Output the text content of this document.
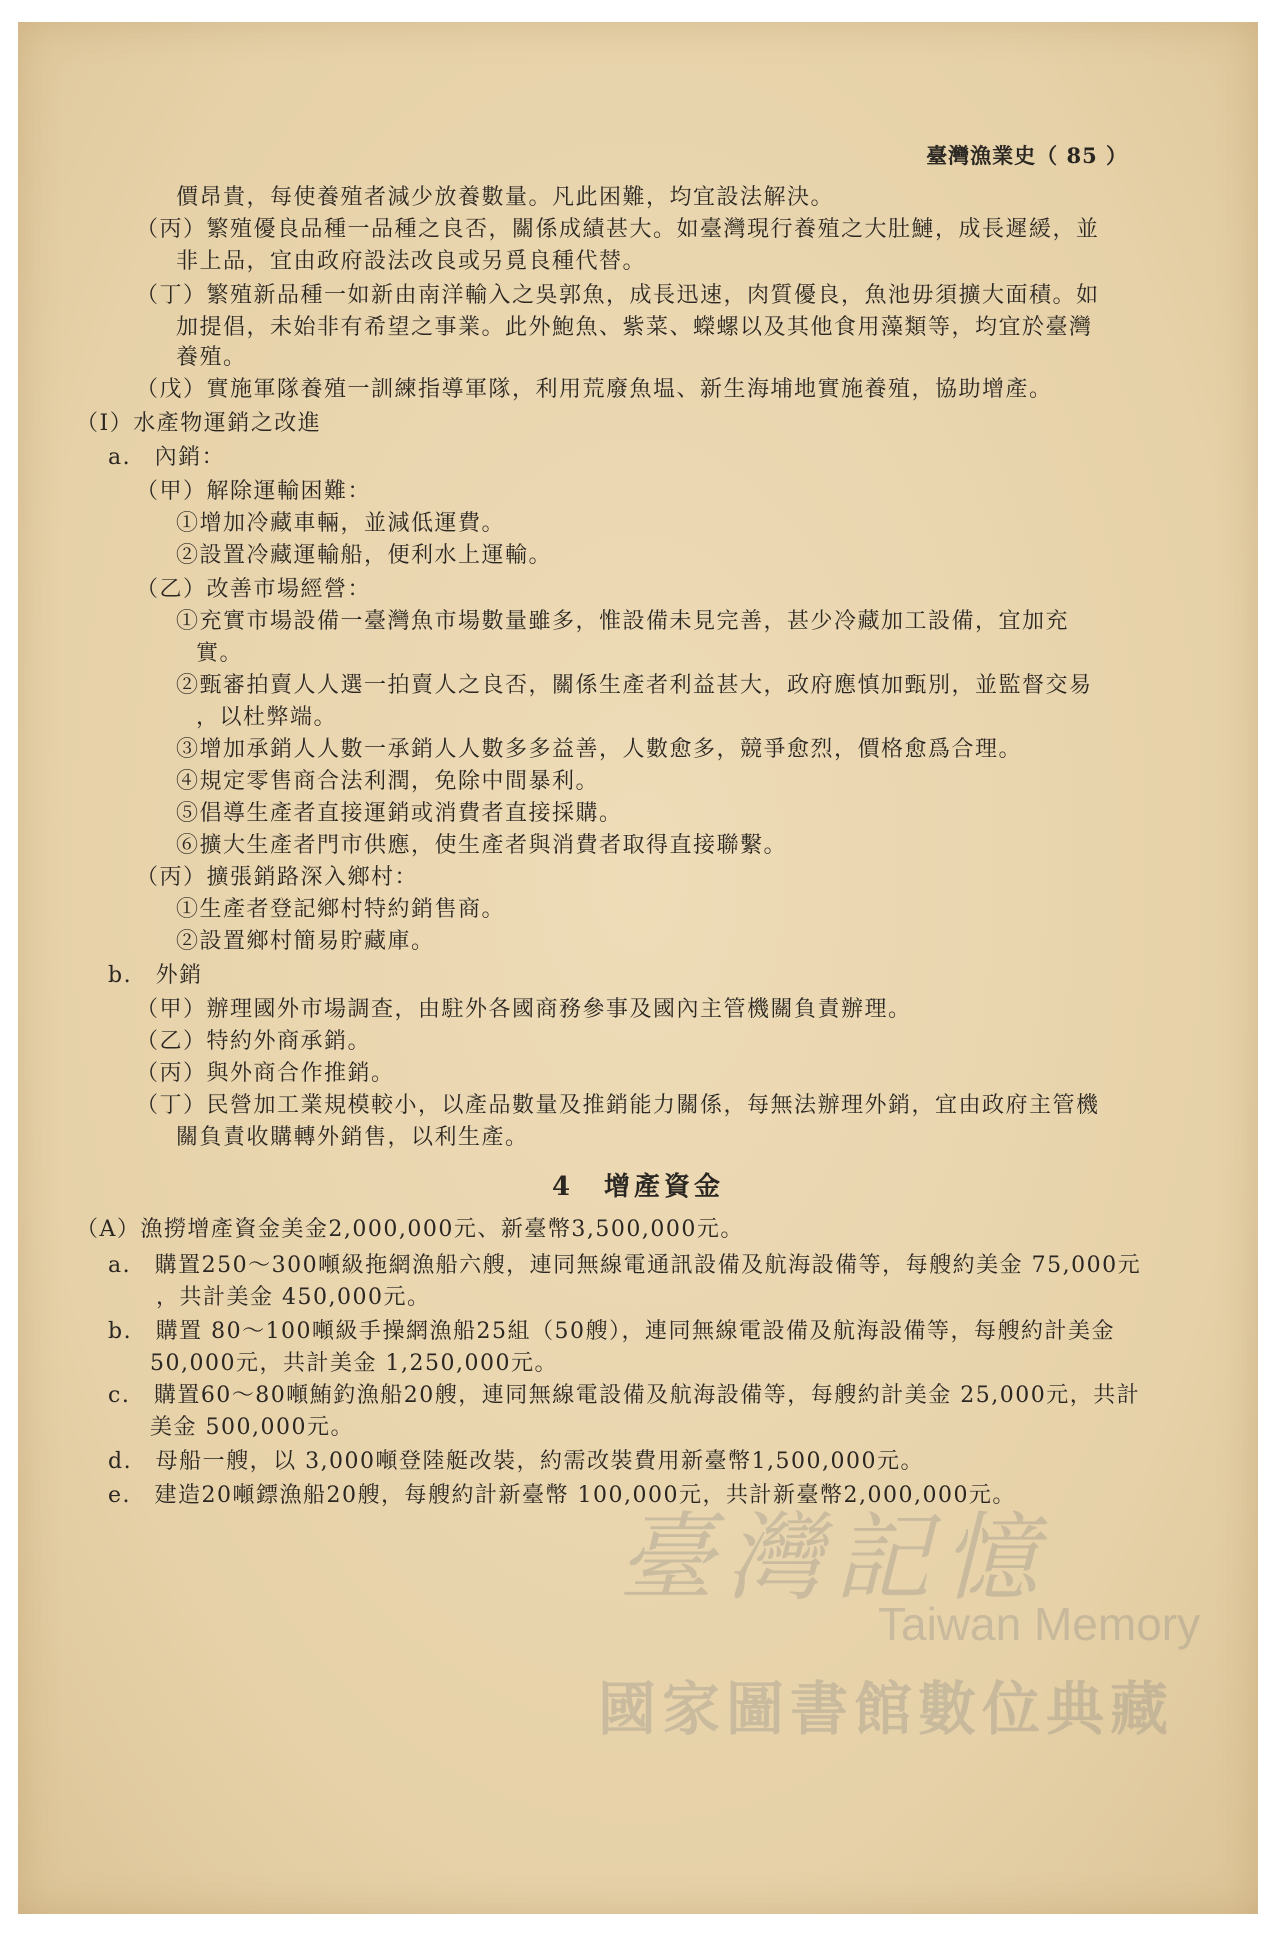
臺灣漁業史（ 85 ）
價昂貴，每使養殖者減少放養數量。凡此困難，均宜設法解決。
（丙）繁殖優良品種一品種之良否，關係成績甚大。如臺灣現行養殖之大肚鰱，成長遲緩，並
非上品，宜由政府設法改良或另覓良種代替。
（丁）繁殖新品種一如新由南洋輸入之吳郭魚，成長迅速，肉質優良，魚池毋須擴大面積。如
加提倡，未始非有希望之事業。此外鮑魚、紫菜、蠑螺以及其他食用藻類等，均宜於臺灣
養殖。
（戊）實施軍隊養殖一訓練指導軍隊，利用荒廢魚塭、新生海埔地實施養殖，協助增產。
（I）水產物運銷之改進
a.　內銷：
（甲）解除運輸困難：
①增加冷藏車輛，並減低運費。
②設置冷藏運輸船，便利水上運輸。
（乙）改善市場經營：
①充實市場設備一臺灣魚市場數量雖多，惟設備未見完善，甚少冷藏加工設備，宜加充
實。
②甄審拍賣人人選一拍賣人之良否，關係生產者利益甚大，政府應慎加甄別，並監督交易
，以杜弊端。
③增加承銷人人數一承銷人人數多多益善，人數愈多，競爭愈烈，價格愈爲合理。
④規定零售商合法利潤，免除中間暴利。
⑤倡導生產者直接運銷或消費者直接採購。
⑥擴大生產者門市供應，使生產者與消費者取得直接聯繫。
（丙）擴張銷路深入鄉村：
①生產者登記鄉村特約銷售商。
②設置鄉村簡易貯藏庫。
b.　外銷
（甲）辦理國外市場調查，由駐外各國商務參事及國內主管機關負責辦理。
（乙）特約外商承銷。
（丙）與外商合作推銷。
（丁）民營加工業規模較小，以產品數量及推銷能力關係，每無法辦理外銷，宜由政府主管機
關負責收購轉外銷售，以利生產。
4　增產資金
（A）漁撈增產資金美金2,000,000元、新臺幣3,500,000元。
a.　購置250～300噸級拖網漁船六艘，連同無線電通訊設備及航海設備等，每艘約美金 75,000元
，共計美金 450,000元。
b.　購置 80～100噸級手操網漁船25組（50艘），連同無線電設備及航海設備等，每艘約計美金
50,000元，共計美金 1,250,000元。
c.　購置60～80噸鮪釣漁船20艘，連同無線電設備及航海設備等，每艘約計美金 25,000元，共計
美金 500,000元。
d.　母船一艘，以 3,000噸登陸艇改裝，約需改裝費用新臺幣1,500,000元。
e.　建造20噸鏢漁船20艘，每艘約計新臺幣 100,000元，共計新臺幣2,000,000元。
臺灣記憶
Taiwan Memory
國家圖書館數位典藏
